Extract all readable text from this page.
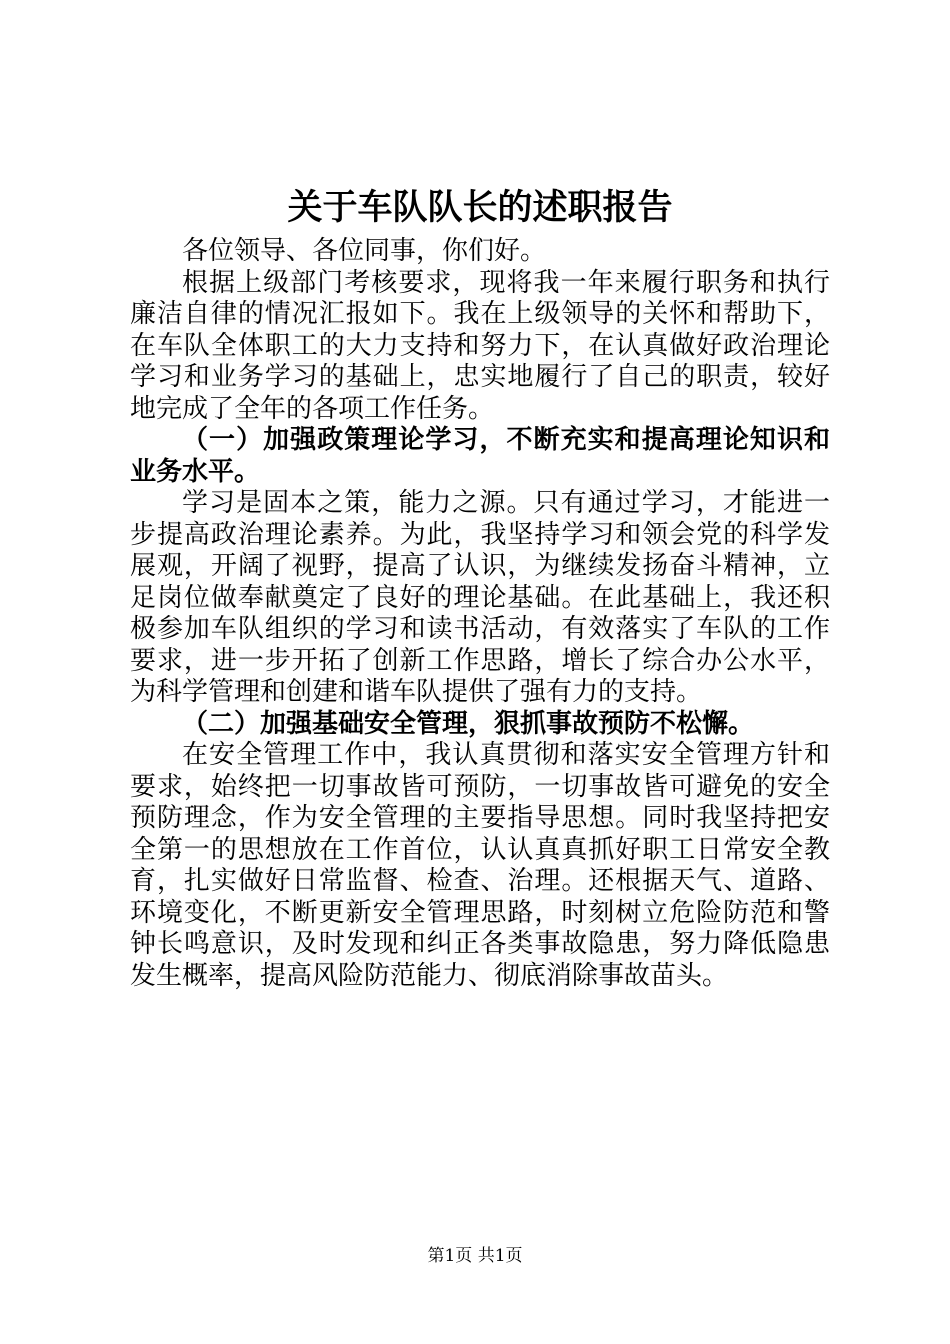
关于车队队长的述职报告

各位领导、各位同事，你们好。

根据上级部门考核要求，现将我一年来履行职务和执行廉洁自律的情况汇报如下。我在上级领导的关怀和帮助下，在车队全体职工的大力支持和努力下，在认真做好政治理论学习和业务学习的基础上，忠实地履行了自己的职责，较好地完成了全年的各项工作任务。

（一）加强政策理论学习，不断充实和提高理论知识和业务水平。

学习是固本之策，能力之源。只有通过学习，才能进一步提高政治理论素养。为此，我坚持学习和领会党的科学发展观，开阔了视野，提高了认识，为继续发扬奋斗精神，立足岗位做奉献奠定了良好的理论基础。在此基础上，我还积极参加车队组织的学习和读书活动，有效落实了车队的工作要求，进一步开拓了创新工作思路，增长了综合办公水平，为科学管理和创建和谐车队提供了强有力的支持。

（二）加强基础安全管理，狠抓事故预防不松懈。

在安全管理工作中，我认真贯彻和落实安全管理方针和要求，始终把一切事故皆可预防，一切事故皆可避免的安全预防理念，作为安全管理的主要指导思想。同时我坚持把安全第一的思想放在工作首位，认认真真抓好职工日常安全教育，扎实做好日常监督、检查、治理。还根据天气、道路、环境变化，不断更新安全管理思路，时刻树立危险防范和警钟长鸣意识，及时发现和纠正各类事故隐患，努力降低隐患发生概率，提高风险防范能力、彻底消除事故苗头。

第1页 共1页
